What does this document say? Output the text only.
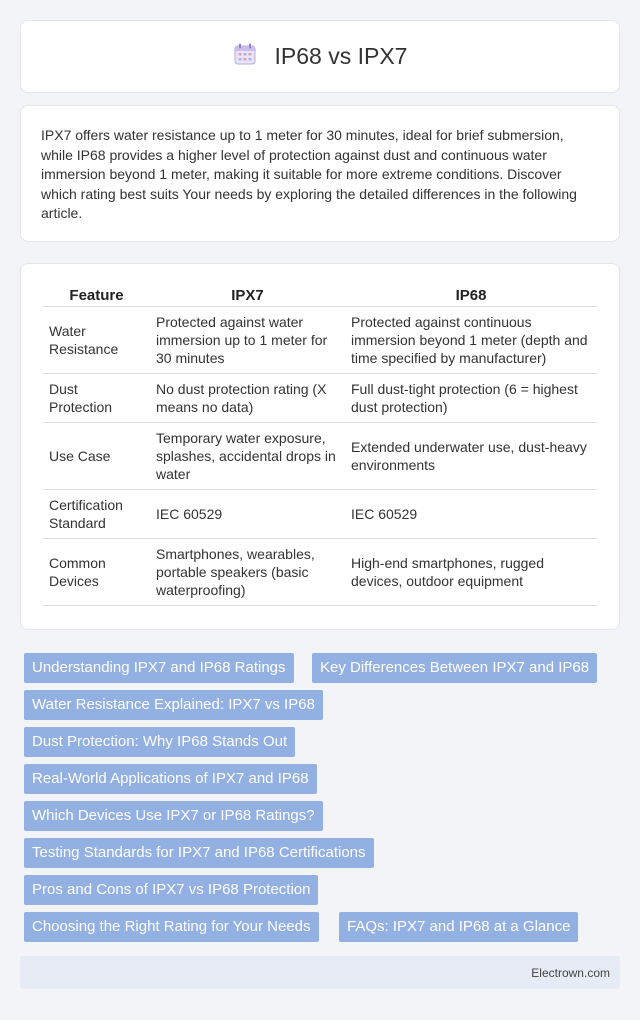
IP68 vs IPX7

IPX7 offers water resistance up to 1 meter for 30 minutes, ideal for brief submersion, while IP68 provides a higher level of protection against dust and continuous water immersion beyond 1 meter, making it suitable for more extreme conditions. Discover which rating best suits Your needs by exploring the detailed differences in the following article.

Feature	IPX7	IP68
Water Resistance	Protected against water immersion up to 1 meter for 30 minutes	Protected against continuous immersion beyond 1 meter (depth and time specified by manufacturer)
Dust Protection	No dust protection rating (X means no data)	Full dust-tight protection (6 = highest dust protection)
Use Case	Temporary water exposure, splashes, accidental drops in water	Extended underwater use, dust-heavy environments
Certification Standard	IEC 60529	IEC 60529
Common Devices	Smartphones, wearables, portable speakers (basic waterproofing)	High-end smartphones, rugged devices, outdoor equipment
Understanding IPX7 and IP68 Ratings	Key Differences Between IPX7 and IP68
Water Resistance Explained: IPX7 vs IP68
Dust Protection: Why IP68 Stands Out
Real-World Applications of IPX7 and IP68
Which Devices Use IPX7 or IP68 Ratings?
Testing Standards for IPX7 and IP68 Certifications
Pros and Cons of IPX7 vs IP68 Protection
Choosing the Right Rating for Your Needs	FAQs: IPX7 and IP68 at a Glance
Electrown.com
